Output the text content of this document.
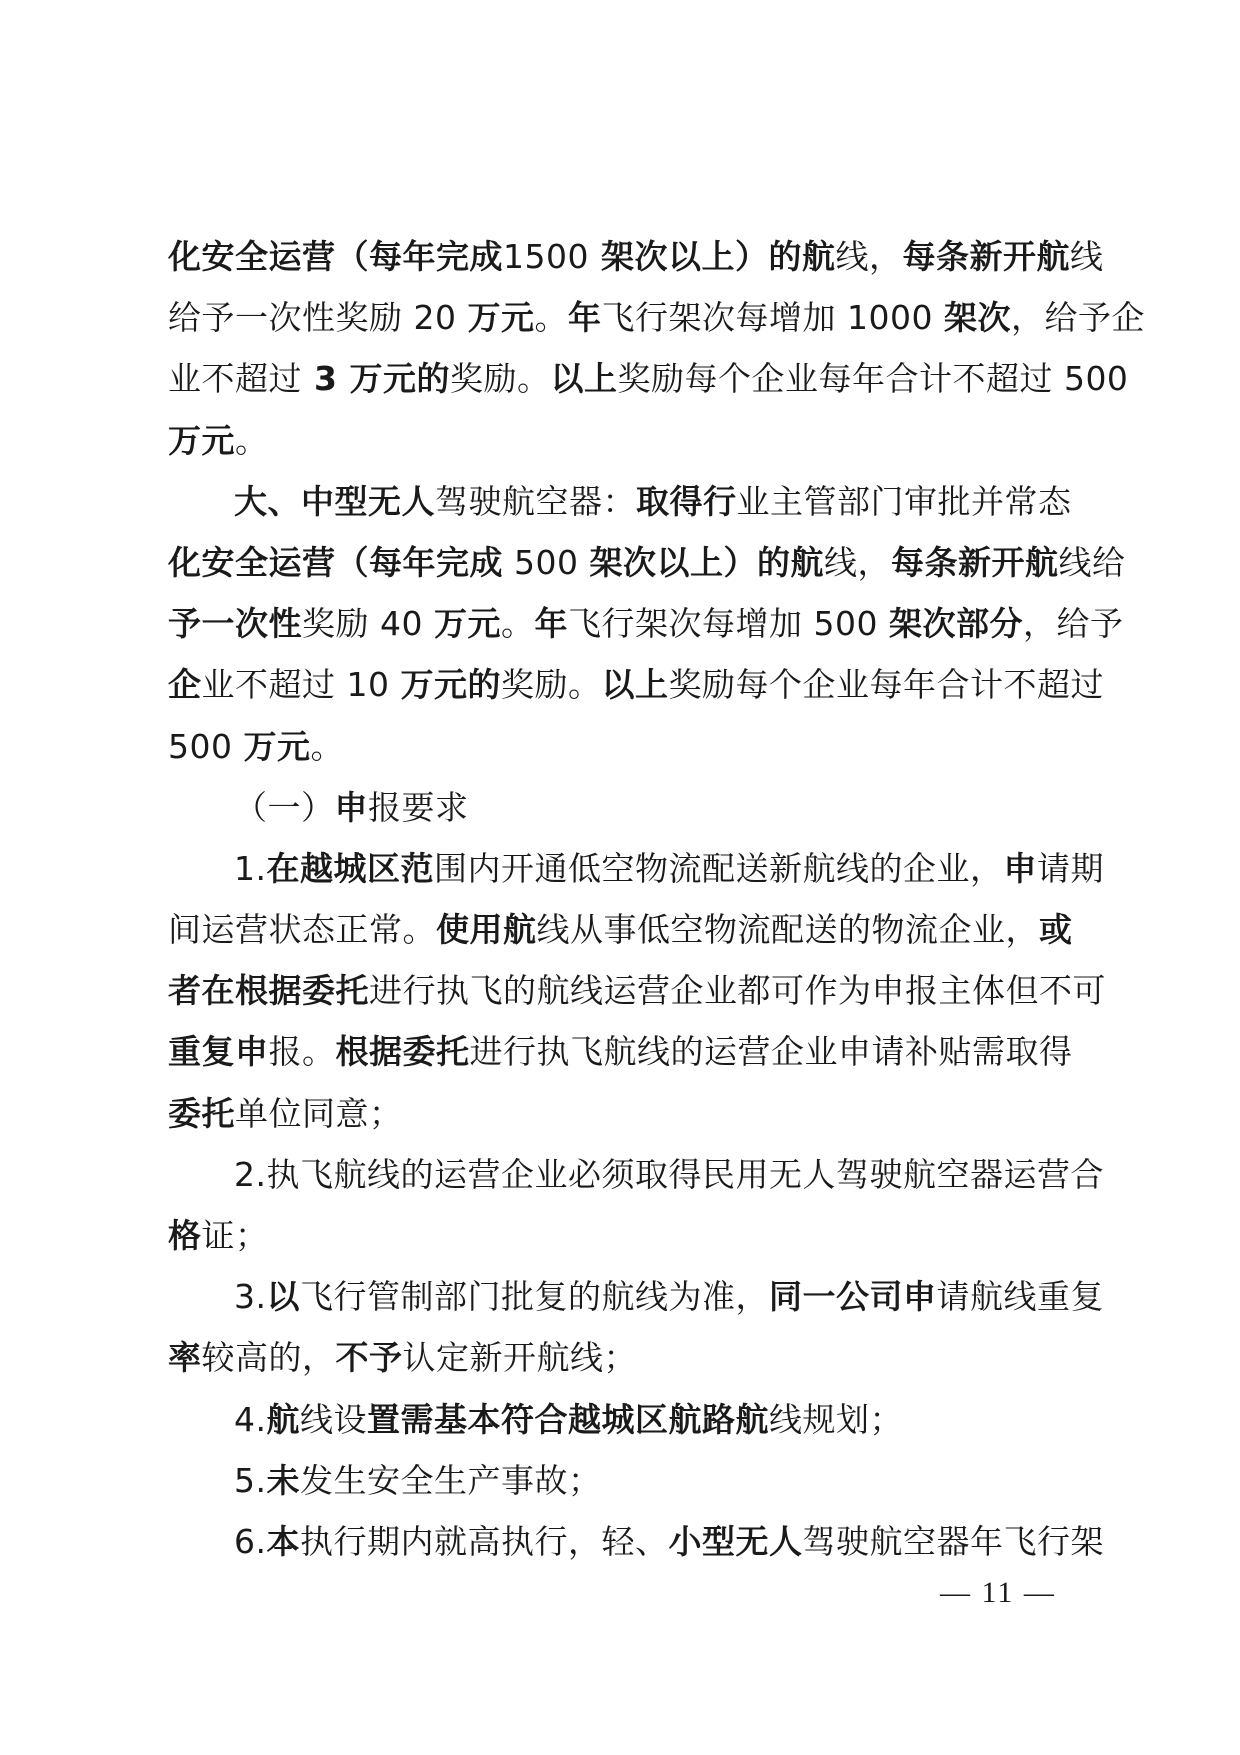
化安全运营（每年完成1500 架次以上）的航线，每条新开航线
给予一次性奖励 20 万元。年飞行架次每增加 1000 架次，给予企
业不超过 3 万元的奖励。以上奖励每个企业每年合计不超过 500
万元。
大、中型无人驾驶航空器：取得行业主管部门审批并常态
化安全运营（每年完成 500 架次以上）的航线，每条新开航线给
予一次性奖励 40 万元。年飞行架次每增加 500 架次部分，给予
企业不超过 10 万元的奖励。以上奖励每个企业每年合计不超过
500 万元。
（一）申报要求
1.在越城区范围内开通低空物流配送新航线的企业，申请期
间运营状态正常。使用航线从事低空物流配送的物流企业，或
者在根据委托进行执飞的航线运营企业都可作为申报主体但不可
重复申报。根据委托进行执飞航线的运营企业申请补贴需取得
委托单位同意；
2.执飞航线的运营企业必须取得民用无人驾驶航空器运营合
格证；
3.以飞行管制部门批复的航线为准，同一公司申请航线重复
率较高的，不予认定新开航线；
4.航线设置需基本符合越城区航路航线规划；
5.未发生安全生产事故；
6.本执行期内就高执行，轻、小型无人驾驶航空器年飞行架
— 11 —
